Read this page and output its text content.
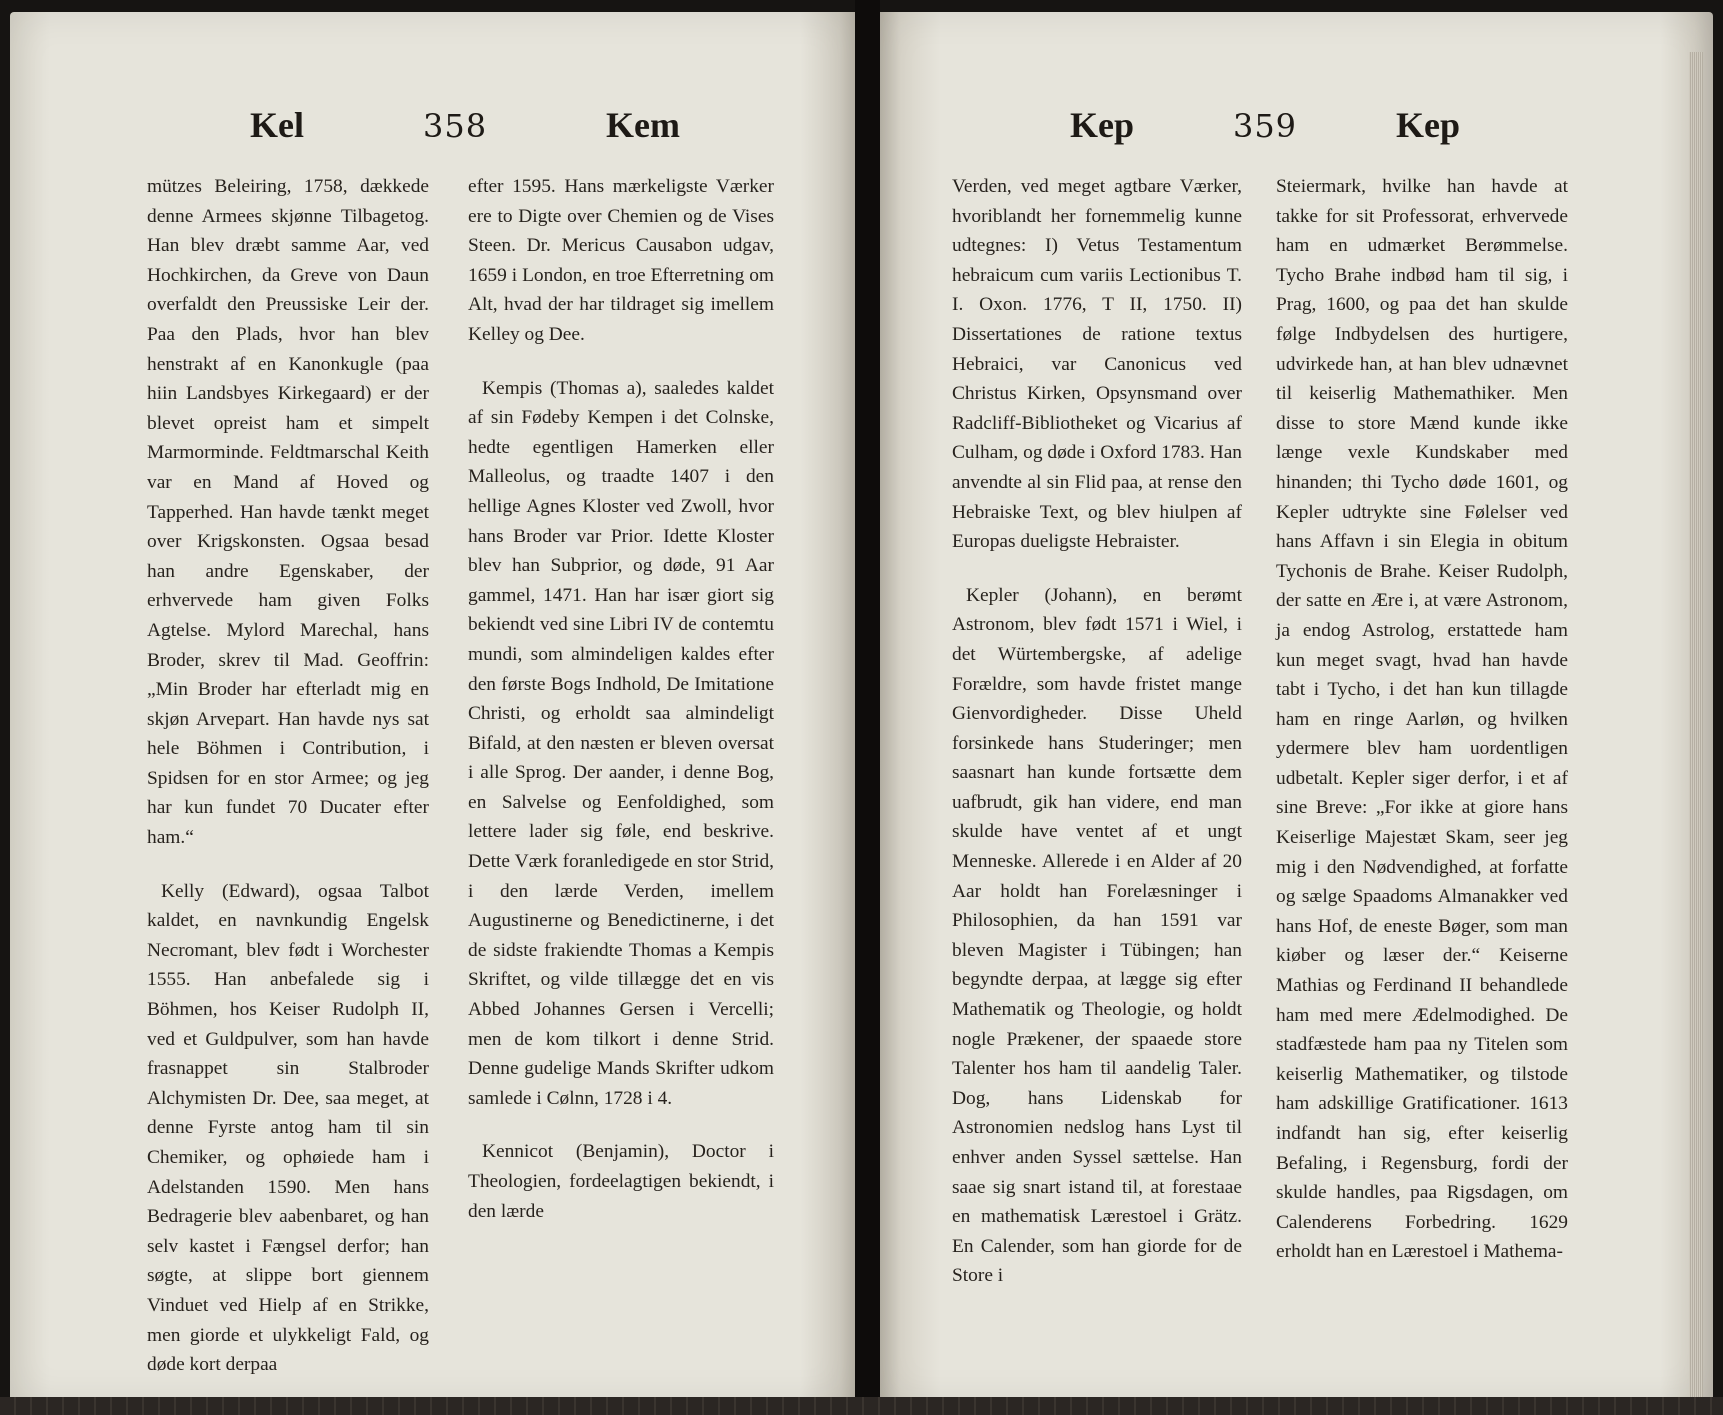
Kel	358	Kem

mützes Beleiring, 1758, dækkede denne Armees skjønne Tilbagetog. Han blev dræbt samme Aar, ved Hochkirchen, da Greve von Daun overfaldt den Preussiske Leir der. Paa den Plads, hvor han blev henstrakt af en Kanonkugle (paa hiin Landsbyes Kirkegaard) er der blevet opreist ham et simpelt Marmorminde. Feldtmarschal Keith var en Mand af Hoved og Tapperhed. Han havde tænkt meget over Krigskonsten. Ogsaa besad han andre Egenskaber, der erhvervede ham given Folks Agtelse. Mylord Marechal, hans Broder, skrev til Mad. Geoffrin: „Min Broder har efterladt mig en skjøn Arvepart. Han havde nys sat hele Böhmen i Contribution, i Spidsen for en stor Armee; og jeg har kun fundet 70 Ducater efter ham.“

Kelly (Edward), ogsaa Talbot kaldet, en navnkundig Engelsk Necromant, blev født i Worchester 1555. Han anbefalede sig i Böhmen, hos Keiser Rudolph II, ved et Guldpulver, som han havde frasnappet sin Stalbroder Alchymisten Dr. Dee, saa meget, at denne Fyrste antog ham til sin Chemiker, og ophøiede ham i Adelstanden 1590. Men hans Bedragerie blev aabenbaret, og han selv kastet i Fængsel derfor; han søgte, at slippe bort giennem Vinduet ved Hielp af en Strikke, men giorde et ulykkeligt Fald, og døde kort derpaa

efter 1595. Hans mærkeligste Værker ere to Digte over Chemien og de Vises Steen. Dr. Mericus Causabon udgav, 1659 i London, en troe Efterretning om Alt, hvad der har tildraget sig imellem Kelley og Dee.

Kempis (Thomas a), saaledes kaldet af sin Fødeby Kempen i det Colnske, hedte egentligen Hamerken eller Malleolus, og traadte 1407 i den hellige Agnes Kloster ved Zwoll, hvor hans Broder var Prior. Idette Kloster blev han Subprior, og døde, 91 Aar gammel, 1471. Han har især giort sig bekiendt ved sine Libri IV de contemtu mundi, som almindeligen kaldes efter den første Bogs Indhold, De Imitatione Christi, og erholdt saa almindeligt Bifald, at den næsten er bleven oversat i alle Sprog. Der aander, i denne Bog, en Salvelse og Eenfoldighed, som lettere lader sig føle, end beskrive. Dette Værk foranledigede en stor Strid, i den lærde Verden, imellem Augustinerne og Benedictinerne, i det de sidste frakiendte Thomas a Kempis Skriftet, og vilde tillægge det en vis Abbed Johannes Gersen i Vercelli; men de kom tilkort i denne Strid. Denne gudelige Mands Skrifter udkom samlede i Cølnn, 1728 i 4.

Kennicot (Benjamin), Doctor i Theologien, fordeelagtigen bekiendt, i den lærde

Kep	359	Kep

Verden, ved meget agtbare Værker, hvoriblandt her fornemmelig kunne udtegnes: I) Vetus Testamentum hebraicum cum variis Lectionibus T. I. Oxon. 1776, T II, 1750. II) Dissertationes de ratione textus Hebraici, var Canonicus ved Christus Kirken, Opsynsmand over Radcliff-Bibliotheket og Vicarius af Culham, og døde i Oxford 1783. Han anvendte al sin Flid paa, at rense den Hebraiske Text, og blev hiulpen af Europas dueligste Hebraister.

Kepler (Johann), en berømt Astronom, blev født 1571 i Wiel, i det Würtembergske, af adelige Forældre, som havde fristet mange Gienvordigheder. Disse Uheld forsinkede hans Studeringer; men saasnart han kunde fortsætte dem uafbrudt, gik han videre, end man skulde have ventet af et ungt Menneske. Allerede i en Alder af 20 Aar holdt han Forelæsninger i Philosophien, da han 1591 var bleven Magister i Tübingen; han begyndte derpaa, at lægge sig efter Mathematik og Theologie, og holdt nogle Prækener, der spaaede store Talenter hos ham til aandelig Taler. Dog, hans Lidenskab for Astronomien nedslog hans Lyst til enhver anden Syssel sættelse. Han saae sig snart istand til, at forestaae en mathematisk Lærestoel i Grätz. En Calender, som han giorde for de Store i

Steiermark, hvilke han havde at takke for sit Professorat, erhvervede ham en udmærket Berømmelse. Tycho Brahe indbød ham til sig, i Prag, 1600, og paa det han skulde følge Indbydelsen des hurtigere, udvirkede han, at han blev udnævnet til keiserlig Mathemathiker. Men disse to store Mænd kunde ikke længe vexle Kundskaber med hinanden; thi Tycho døde 1601, og Kepler udtrykte sine Følelser ved hans Affavn i sin Elegia in obitum Tychonis de Brahe. Keiser Rudolph, der satte en Ære i, at være Astronom, ja endog Astrolog, erstattede ham kun meget svagt, hvad han havde tabt i Tycho, i det han kun tillagde ham en ringe Aarløn, og hvilken ydermere blev ham uordentligen udbetalt. Kepler siger derfor, i et af sine Breve: „For ikke at giore hans Keiserlige Majestæt Skam, seer jeg mig i den Nødvendighed, at forfatte og sælge Spaadoms Almanakker ved hans Hof, de eneste Bøger, som man kiøber og læser der.“ Keiserne Mathias og Ferdinand II behandlede ham med mere Ædelmodighed. De stadfæstede ham paa ny Titelen som keiserlig Mathematiker, og tilstode ham adskillige Gratificationer. 1613 indfandt han sig, efter keiserlig Befaling, i Regensburg, fordi der skulde handles, paa Rigsdagen, om Calenderens Forbedring. 1629 erholdt han en Lærestoel i Mathema-
